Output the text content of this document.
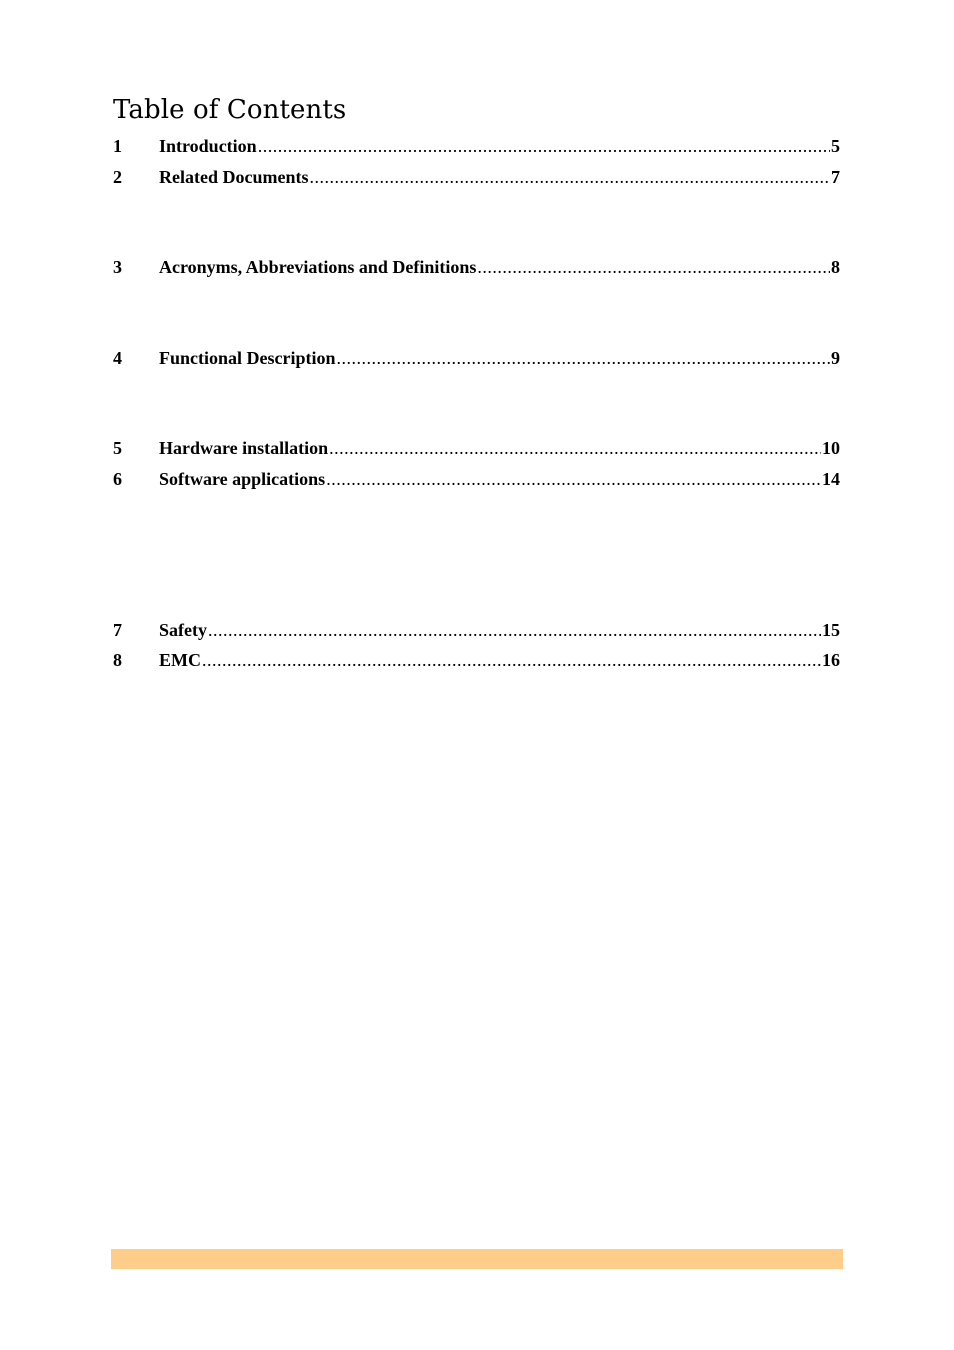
Table of Contents
1	Introduction .....	5
2	Related Documents .....	7
3	Acronyms, Abbreviations and Definitions .....	8
4	Functional Description .....	9
5	Hardware installation .....	10
6	Software applications .....	14
7	Safety .....	15
8	EMC .....	16
